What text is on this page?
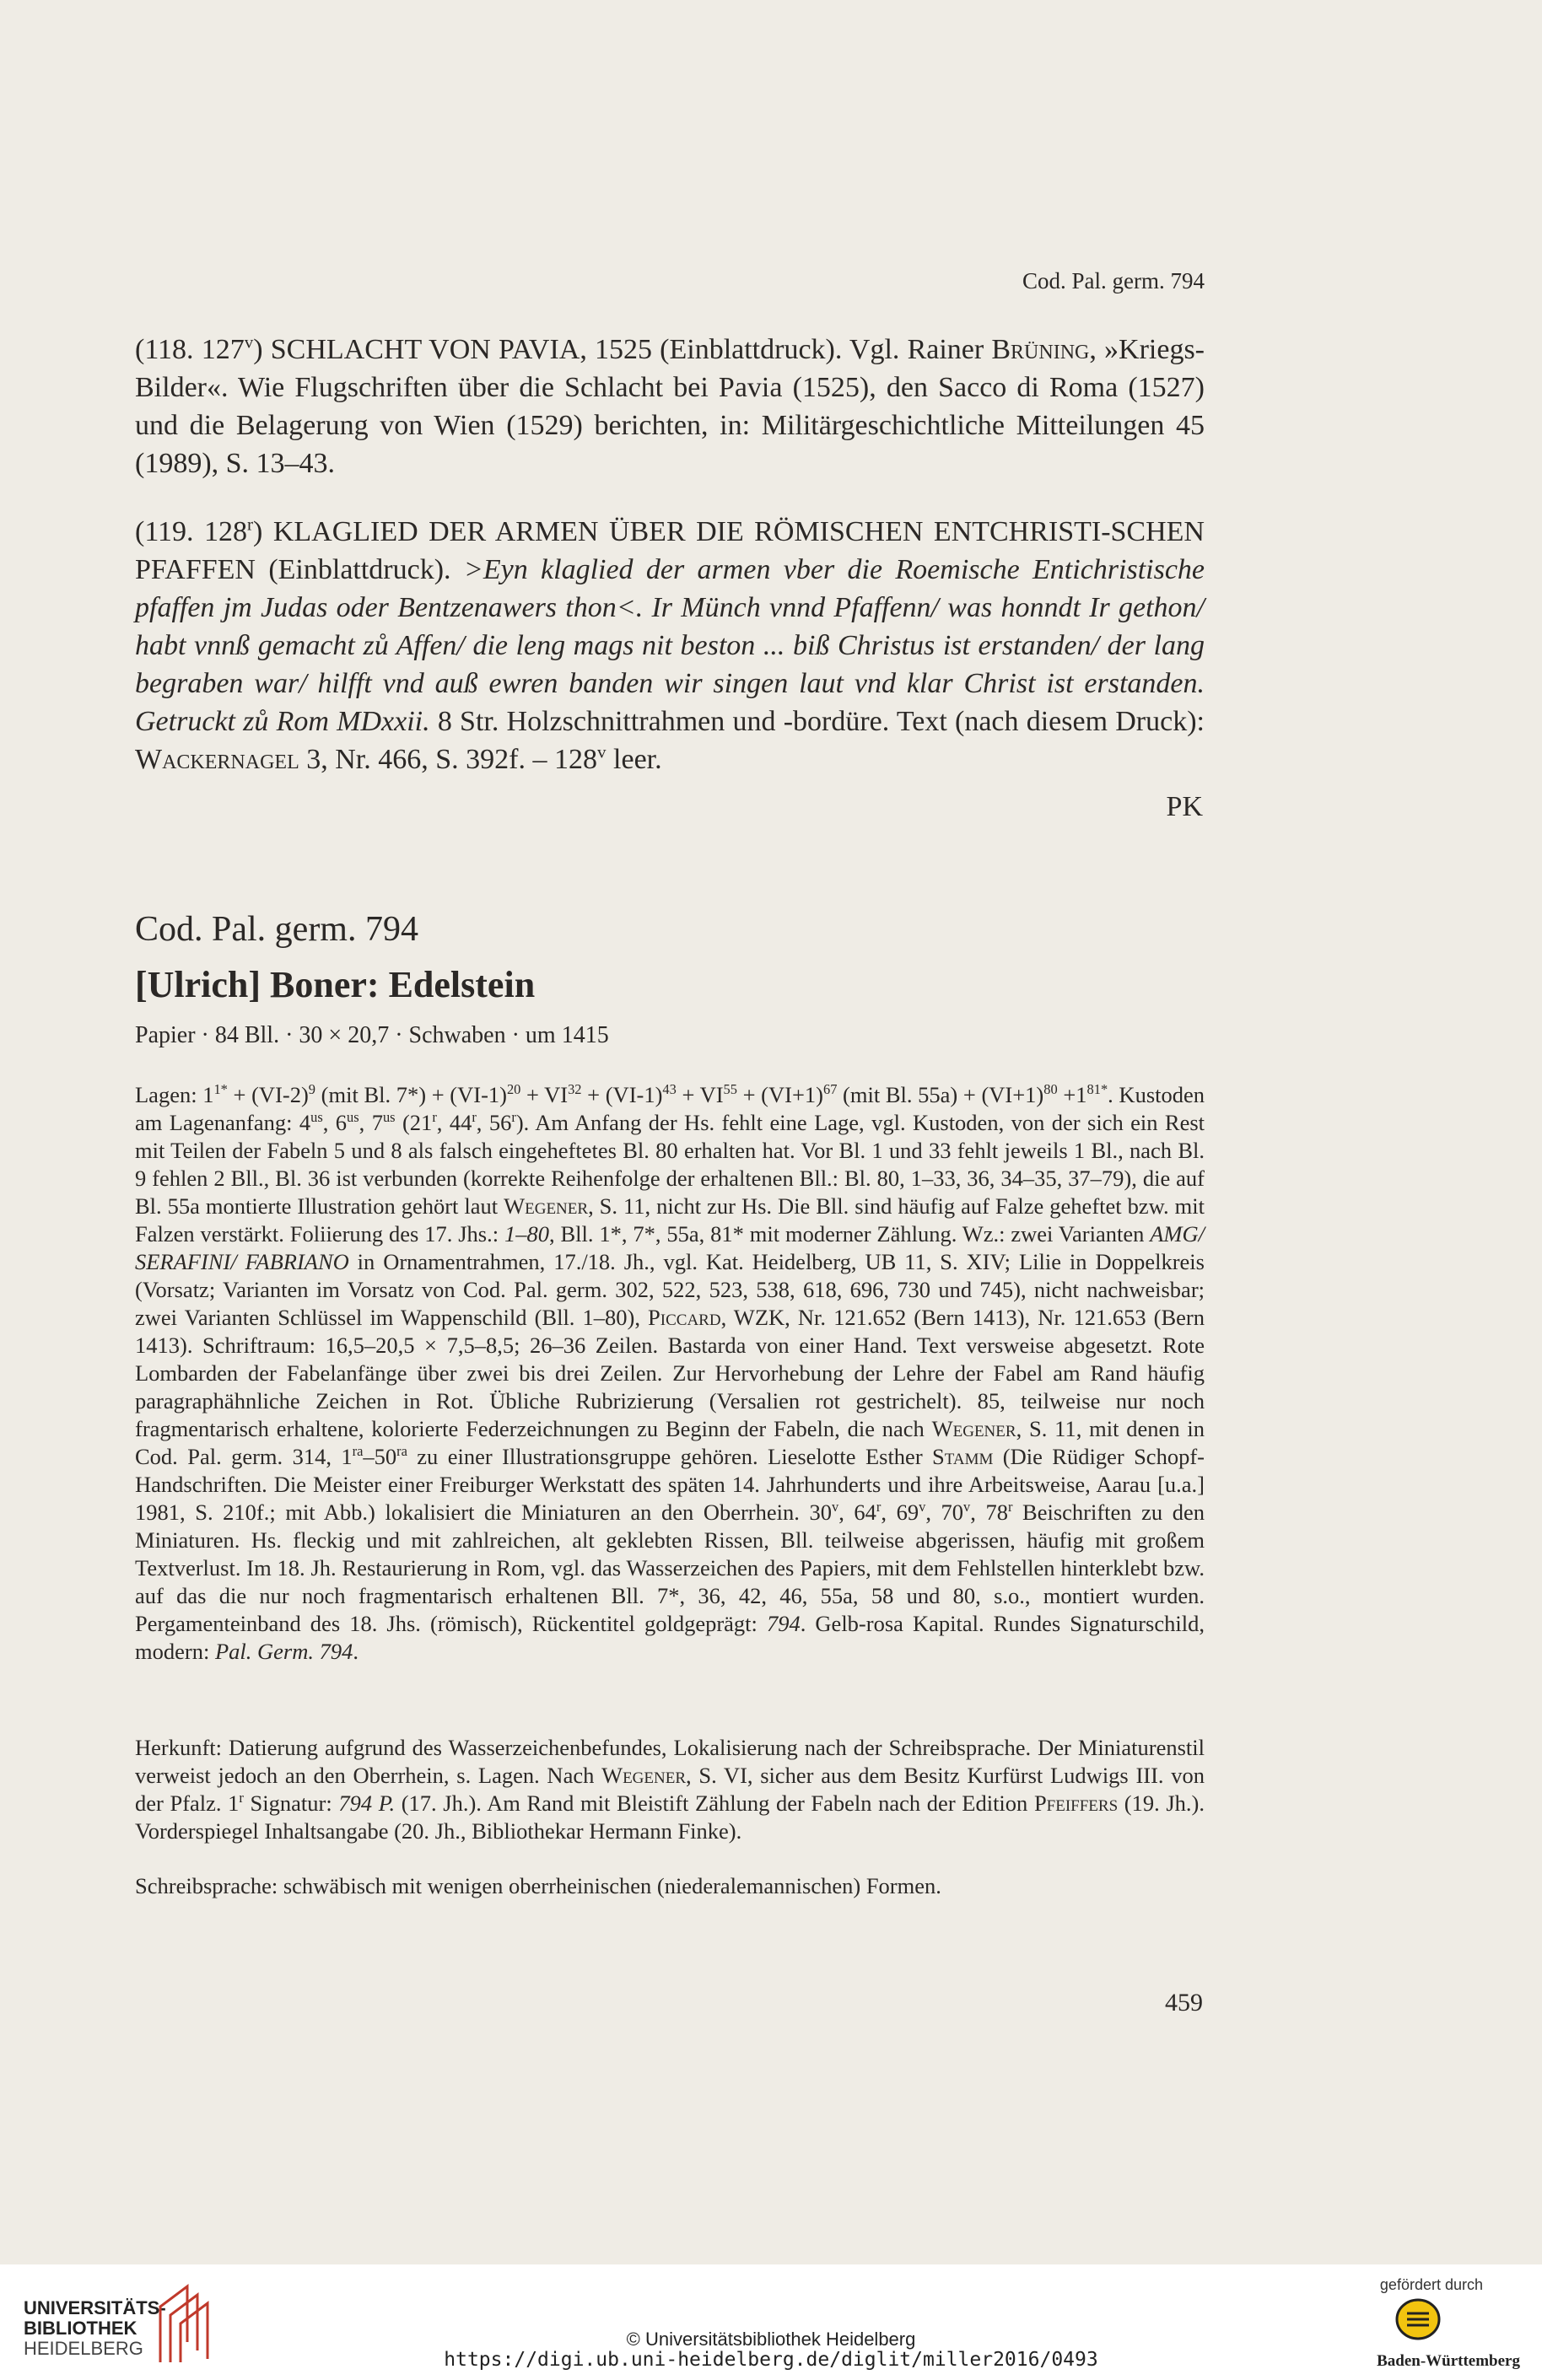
Cod. Pal. germ. 794

(118. 127$^v$) SCHLACHT VON PAVIA, 1525 (Einblattdruck). Vgl. Rainer Brüning, »Kriegs-Bilder«. Wie Flugschriften über die Schlacht bei Pavia (1525), den Sacco di Roma (1527) und die Belagerung von Wien (1529) berichten, in: Militärgeschichtliche Mitteilungen 45 (1989), S. 13–43.

(119. 128$^r$) KLAGLIED DER ARMEN ÜBER DIE RÖMISCHEN ENTCHRISTI-SCHEN PFAFFEN (Einblattdruck). >Eyn klaglied der armen vber die Roemische Entichristische pfaffen jm Judas oder Bentzenawers thon<. Ir Münch vnnd Pfaffenn/ was honndt Ir gethon/ habt vnnß gemacht zů Affen/ die leng mags nit beston ... biß Christus ist erstanden/ der lang begraben war/ hilfft vnd auß ewren banden wir singen laut vnd klar Christ ist erstanden. Getruckt zů Rom MDxxii. 8 Str. Holzschnittrahmen und -bordüre. Text (nach diesem Druck): Wackernagel 3, Nr. 466, S. 392f. – 128$^v$ leer.

PK
Cod. Pal. germ. 794
[Ulrich] Boner: Edelstein
Papier · 84 Bll. · 30 × 20,7 · Schwaben · um 1415

Lagen: $1^{1*} + (VI-2)^9$ (mit Bl. $7*) + (VI-1)^{20} + VI^{32} + (VI-1)^{43} + VI^{55} + (VI+1)^{67}$ (mit Bl. $55a) + (VI+1)^{80} +1^{81*}$. Kustoden am Lagenanfang: $4^{us}$, $6^{us}$, $7^{us}$ (21$^r$, 44$^r$, 56$^r$). Am Anfang der Hs. fehlt eine Lage, vgl. Kustoden, von der sich ein Rest mit Teilen der Fabeln 5 und 8 als falsch eingeheftetes Bl. 80 erhalten hat. Vor Bl. 1 und 33 fehlt jeweils 1 Bl., nach Bl. 9 fehlen 2 Bll., Bl. 36 ist verbunden (korrekte Reihenfolge der erhaltenen Bll.: Bl. 80, 1–33, 36, 34–35, 37–79), die auf Bl. 55a montierte Illustration gehört laut Wegener, S. 11, nicht zur Hs. Die Bll. sind häufig auf Falze geheftet bzw. mit Falzen verstärkt. Foliierung des 17. Jhs.: 1–80, Bll. 1*, 7*, 55a, 81* mit moderner Zählung. Wz.: zwei Varianten AMG/ SERAFINI/ FABRIANO in Ornamentrahmen, 17./18. Jh., vgl. Kat. Heidelberg, UB 11, S. XIV; Lilie in Doppelkreis (Vorsatz; Varianten im Vorsatz von Cod. Pal. germ. 302, 522, 523, 538, 618, 696, 730 und 745), nicht nachweisbar; zwei Varianten Schlüssel im Wappenschild (Bll. 1–80), Piccard, WZK, Nr. 121.652 (Bern 1413), Nr. 121.653 (Bern 1413). Schriftraum: 16,5–20,5 × 7,5–8,5; 26–36 Zeilen. Bastarda von einer Hand. Text versweise abgesetzt. Rote Lombarden der Fabelanfänge über zwei bis drei Zeilen. Zur Hervorhebung der Lehre der Fabel am Rand häufig paragraphähnliche Zeichen in Rot. Übliche Rubrizierung (Versalien rot gestrichelt). 85, teilweise nur noch fragmentarisch erhaltene, kolorierte Federzeichnungen zu Beginn der Fabeln, die nach Wegener, S. 11, mit denen in Cod. Pal. germ. 314, $1^{ra}-50^{ra}$ zu einer Illustrationsgruppe gehören. Lieselotte Esther Stamm (Die Rüdiger Schopf-Handschriften. Die Meister einer Freiburger Werkstatt des späten 14. Jahrhunderts und ihre Arbeitsweise, Aarau [u.a.] 1981, S. 210f.; mit Abb.) lokalisiert die Miniaturen an den Oberrhein. 30$^v$, 64$^r$, 69$^v$, 70$^v$, 78$^r$ Beischriften zu den Miniaturen. Hs. fleckig und mit zahlreichen, alt geklebten Rissen, Bll. teilweise abgerissen, häufig mit großem Textverlust. Im 18. Jh. Restaurierung in Rom, vgl. das Wasserzeichen des Papiers, mit dem Fehlstellen hinterklebt bzw. auf das die nur noch fragmentarisch erhaltenen Bll. 7*, 36, 42, 46, 55a, 58 und 80, s.o., montiert wurden. Pergamenteinband des 18. Jhs. (römisch), Rückentitel goldgeprägt: 794. Gelb-rosa Kapital. Rundes Signaturschild, modern: Pal. Germ. 794.

Herkunft: Datierung aufgrund des Wasserzeichenbefundes, Lokalisierung nach der Schreibsprache. Der Miniaturenstil verweist jedoch an den Oberrhein, s. Lagen. Nach Wegener, S. VI, sicher aus dem Besitz Kurfürst Ludwigs III. von der Pfalz. 1$^r$ Signatur: 794 P. (17. Jh.). Am Rand mit Bleistift Zählung der Fabeln nach der Edition Pfeiffers (19. Jh.). Vorderspiegel Inhaltsangabe (20. Jh., Bibliothekar Hermann Finke).

Schreibsprache: schwäbisch mit wenigen oberrheinischen (niederalemannischen) Formen.

459
UNIVERSITÄTS-
BIBLIOTHEK
HEIDELBERG	© Universitätsbibliothek Heidelberg
https://digi.ub.uni-heidelberg.de/diglit/miller2016/0493
gefördert durch
Baden-Württemberg
